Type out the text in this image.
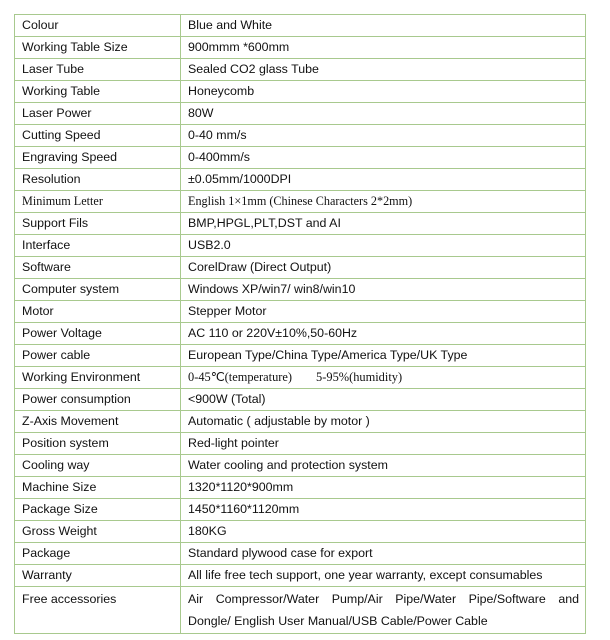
Colour	Blue and White
Working Table Size	900mmm *600mm
Laser Tube	Sealed CO2 glass Tube
Working Table	Honeycomb
Laser Power	80W
Cutting Speed	0-40 mm/s
Engraving Speed	0-400mm/s
Resolution	±0.05mm/1000DPI
Minimum Letter	English 1×1mm (Chinese Characters 2*2mm)
Support Fils	BMP,HPGL,PLT,DST and AI
Interface	USB2.0
Software	CorelDraw (Direct Output)
Computer system	Windows XP/win7/ win8/win10
Motor	Stepper Motor
Power Voltage	AC 110 or 220V±10%,50-60Hz
Power cable	European Type/China Type/America Type/UK Type
Working Environment	0-45℃(temperature) 5-95%(humidity)
Power consumption	<900W (Total)
Z-Axis Movement	Automatic ( adjustable by motor )
Position system	Red-light pointer
Cooling way	Water cooling and protection system
Machine Size	1320*1120*900mm
Package Size	1450*1160*1120mm
Gross Weight	180KG
Package	Standard plywood case for export
Warranty	All life free tech support, one year warranty, except consumables
Free accessories	Air Compressor/Water Pump/Air Pipe/Water Pipe/Software and Dongle/ English User Manual/USB Cable/Power Cable
